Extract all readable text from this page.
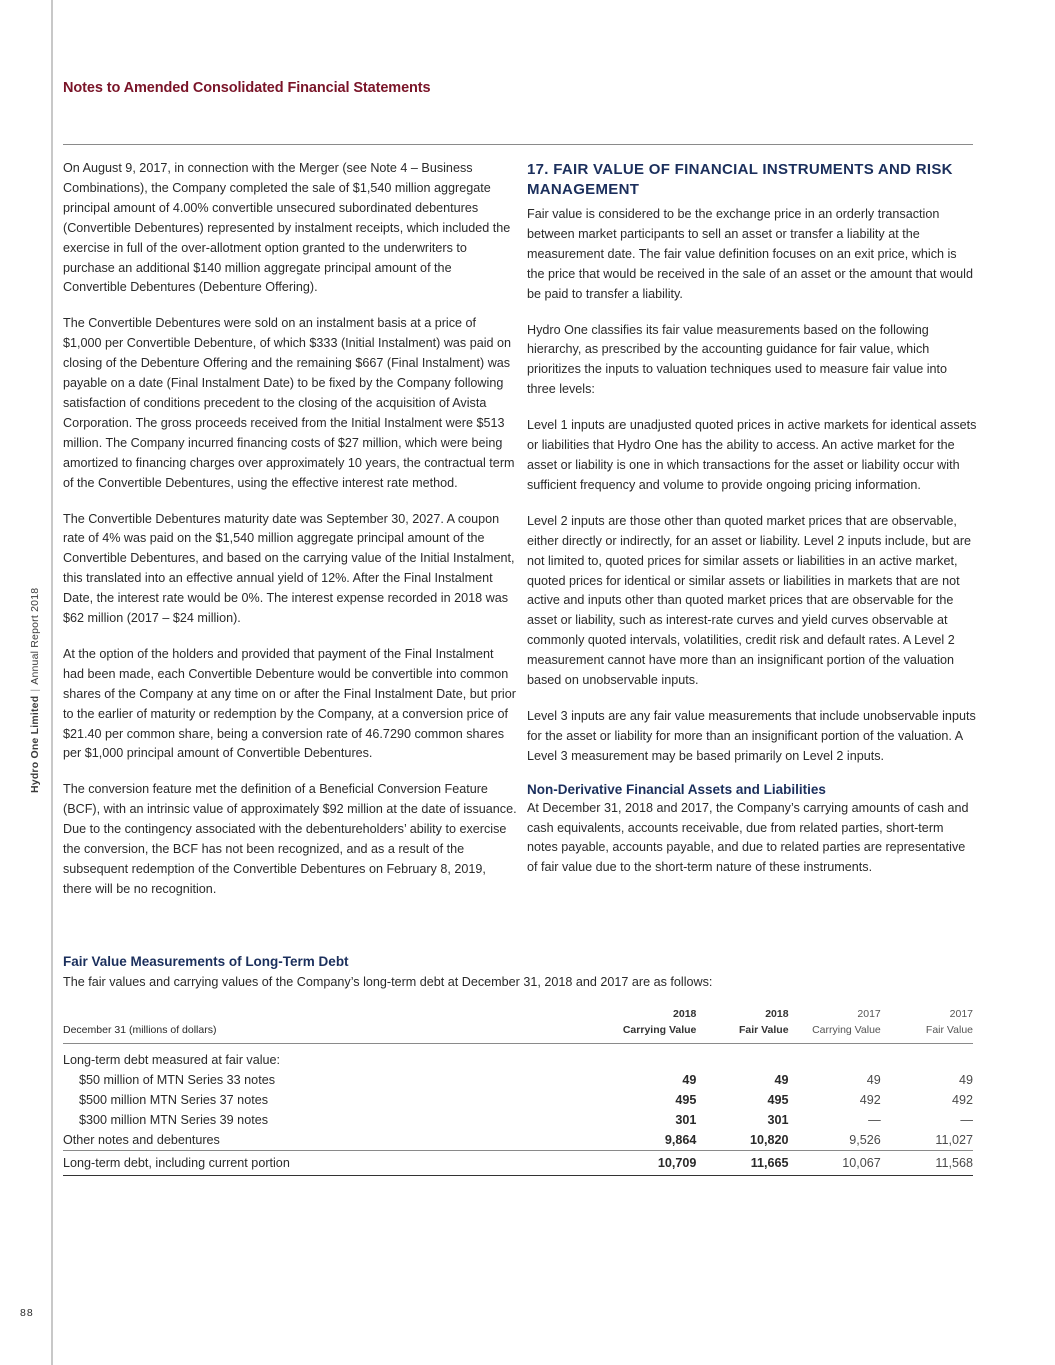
Notes to Amended Consolidated Financial Statements
Hydro One Limited|Annual Report 2018
88

On August 9, 2017, in connection with the Merger (see Note 4 – Business Combinations), the Company completed the sale of $1,540 million aggregate principal amount of 4.00% convertible unsecured subordinated debentures (Convertible Debentures) represented by instalment receipts, which included the exercise in full of the over-allotment option granted to the underwriters to purchase an additional $140 million aggregate principal amount of the Convertible Debentures (Debenture Offering).

The Convertible Debentures were sold on an instalment basis at a price of $1,000 per Convertible Debenture, of which $333 (Initial Instalment) was paid on closing of the Debenture Offering and the remaining $667 (Final Instalment) was payable on a date (Final Instalment Date) to be fixed by the Company following satisfaction of conditions precedent to the closing of the acquisition of Avista Corporation. The gross proceeds received from the Initial Instalment were $513 million. The Company incurred financing costs of $27 million, which were being amortized to financing charges over approximately 10 years, the contractual term of the Convertible Debentures, using the effective interest rate method.

The Convertible Debentures maturity date was September 30, 2027. A coupon rate of 4% was paid on the $1,540 million aggregate principal amount of the Convertible Debentures, and based on the carrying value of the Initial Instalment, this translated into an effective annual yield of 12%. After the Final Instalment Date, the interest rate would be 0%. The interest expense recorded in 2018 was $62 million (2017 – $24 million).

At the option of the holders and provided that payment of the Final Instalment had been made, each Convertible Debenture would be convertible into common shares of the Company at any time on or after the Final Instalment Date, but prior to the earlier of maturity or redemption by the Company, at a conversion price of $21.40 per common share, being a conversion rate of 46.7290 common shares per $1,000 principal amount of Convertible Debentures.

The conversion feature met the definition of a Beneficial Conversion Feature (BCF), with an intrinsic value of approximately $92 million at the date of issuance. Due to the contingency associated with the debentureholders’ ability to exercise the conversion, the BCF has not been recognized, and as a result of the subsequent redemption of the Convertible Debentures on February 8, 2019, there will be no recognition.

17. FAIR VALUE OF FINANCIAL INSTRUMENTS AND RISK MANAGEMENT

Fair value is considered to be the exchange price in an orderly transaction between market participants to sell an asset or transfer a liability at the measurement date. The fair value definition focuses on an exit price, which is the price that would be received in the sale of an asset or the amount that would be paid to transfer a liability.

Hydro One classifies its fair value measurements based on the following hierarchy, as prescribed by the accounting guidance for fair value, which prioritizes the inputs to valuation techniques used to measure fair value into three levels:

Level 1 inputs are unadjusted quoted prices in active markets for identical assets or liabilities that Hydro One has the ability to access. An active market for the asset or liability is one in which transactions for the asset or liability occur with sufficient frequency and volume to provide ongoing pricing information.

Level 2 inputs are those other than quoted market prices that are observable, either directly or indirectly, for an asset or liability. Level 2 inputs include, but are not limited to, quoted prices for similar assets or liabilities in an active market, quoted prices for identical or similar assets or liabilities in markets that are not active and inputs other than quoted market prices that are observable for the asset or liability, such as interest-rate curves and yield curves observable at commonly quoted intervals, volatilities, credit risk and default rates. A Level 2 measurement cannot have more than an insignificant portion of the valuation based on unobservable inputs.

Level 3 inputs are any fair value measurements that include unobservable inputs for the asset or liability for more than an insignificant portion of the valuation. A Level 3 measurement may be based primarily on Level 2 inputs.

Non-Derivative Financial Assets and Liabilities

At December 31, 2018 and 2017, the Company’s carrying amounts of cash and cash equivalents, accounts receivable, due from related parties, short-term notes payable, accounts payable, and due to related parties are representative of fair value due to the short-term nature of these instruments.

Fair Value Measurements of Long-Term Debt

The fair values and carrying values of the Company’s long-term debt at December 31, 2018 and 2017 are as follows:

	2018	2018	2017	2017
December 31 (millions of dollars)	Carrying Value	Fair Value	Carrying Value	Fair Value
Long-term debt measured at fair value:				
$50 million of MTN Series 33 notes	49	49	49	49
$500 million MTN Series 37 notes	495	495	492	492
$300 million MTN Series 39 notes	301	301	—	—
Other notes and debentures	9,864	10,820	9,526	11,027
Long-term debt, including current portion	10,709	11,665	10,067	11,568
